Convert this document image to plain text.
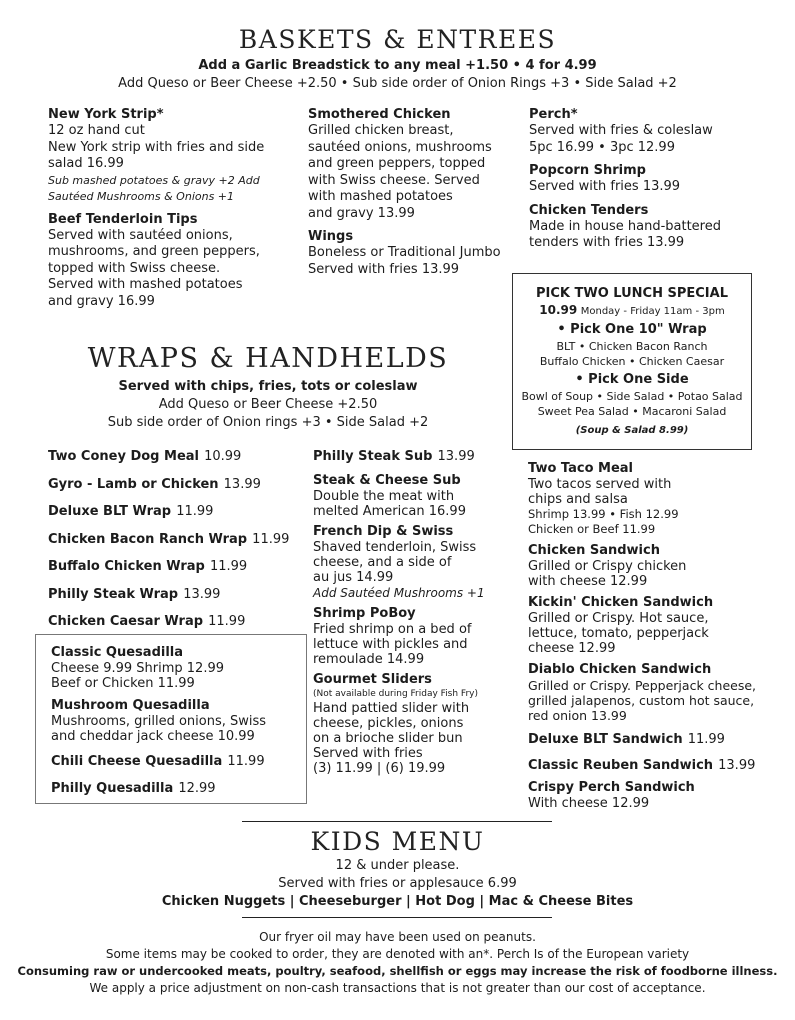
BASKETS & ENTREES
Add a Garlic Breadstick to any meal +1.50 • 4 for 4.99
Add Queso or Beer Cheese +2.50 • Sub side order of Onion Rings +3 • Side Salad +2
New York Strip*
12 oz hand cut
New York strip with fries and side
salad 16.99
Sub mashed potatoes & gravy +2 Add Sautéed Mushrooms & Onions +1
Beef Tenderloin Tips
Served with sautéed onions,
mushrooms, and green peppers,
topped with Swiss cheese.
Served with mashed potatoes
and gravy 16.99
Smothered Chicken
Grilled chicken breast,
sautéed onions, mushrooms
and green peppers, topped
with Swiss cheese. Served
with mashed potatoes
and gravy 13.99
Wings
Boneless or Traditional Jumbo
Served with fries 13.99
Perch*
Served with fries & coleslaw
5pc 16.99 • 3pc 12.99
Popcorn Shrimp
Served with fries 13.99
Chicken Tenders
Made in house hand-battered
tenders with fries 13.99
PICK TWO LUNCH SPECIAL
10.99 Monday - Friday 11am - 3pm
• Pick One 10" Wrap
BLT • Chicken Bacon Ranch
Buffalo Chicken • Chicken Caesar
• Pick One Side
Bowl of Soup • Side Salad • Potao Salad
Sweet Pea Salad • Macaroni Salad
(Soup & Salad 8.99)
WRAPS & HANDHELDS
Served with chips, fries, tots or coleslaw
Add Queso or Beer Cheese +2.50
Sub side order of Onion rings +3 • Side Salad +2
Two Coney Dog Meal 10.99
Gyro - Lamb or Chicken 13.99
Deluxe BLT Wrap 11.99
Chicken Bacon Ranch Wrap 11.99
Buffalo Chicken Wrap 11.99
Philly Steak Wrap 13.99
Chicken Caesar Wrap 11.99
Classic Quesadilla
Cheese 9.99 Shrimp 12.99
Beef or Chicken 11.99
Mushroom Quesadilla
Mushrooms, grilled onions, Swiss
and cheddar jack cheese 10.99
Chili Cheese Quesadilla 11.99
Philly Quesadilla 12.99
Philly Steak Sub 13.99
Steak & Cheese Sub
Double the meat with
melted American 16.99
French Dip & Swiss
Shaved tenderloin, Swiss
cheese, and a side of
au jus 14.99
Add Sautéed Mushrooms +1
Shrimp PoBoy
Fried shrimp on a bed of
lettuce with pickles and
remoulade 14.99
Gourmet Sliders
(Not available during Friday Fish Fry)
Hand pattied slider with
cheese, pickles, onions
on a brioche slider bun
Served with fries
(3) 11.99 | (6) 19.99
Two Taco Meal
Two tacos served with
chips and salsa
Shrimp 13.99 • Fish 12.99
Chicken or Beef 11.99
Chicken Sandwich
Grilled or Crispy chicken
with cheese 12.99
Kickin' Chicken Sandwich
Grilled or Crispy. Hot sauce,
lettuce, tomato, pepperjack
cheese 12.99
Diablo Chicken Sandwich
Grilled or Crispy. Pepperjack cheese,
grilled jalapenos, custom hot sauce,
red onion 13.99
Deluxe BLT Sandwich 11.99
Classic Reuben Sandwich 13.99
Crispy Perch Sandwich
With cheese 12.99
KIDS MENU
12 & under please.
Served with fries or applesauce 6.99
Chicken Nuggets | Cheeseburger | Hot Dog | Mac & Cheese Bites
Our fryer oil may have been used on peanuts.
Some items may be cooked to order, they are denoted with an*. Perch Is of the European variety
Consuming raw or undercooked meats, poultry, seafood, shellfish or eggs may increase the risk of foodborne illness.
We apply a price adjustment on non-cash transactions that is not greater than our cost of acceptance.
